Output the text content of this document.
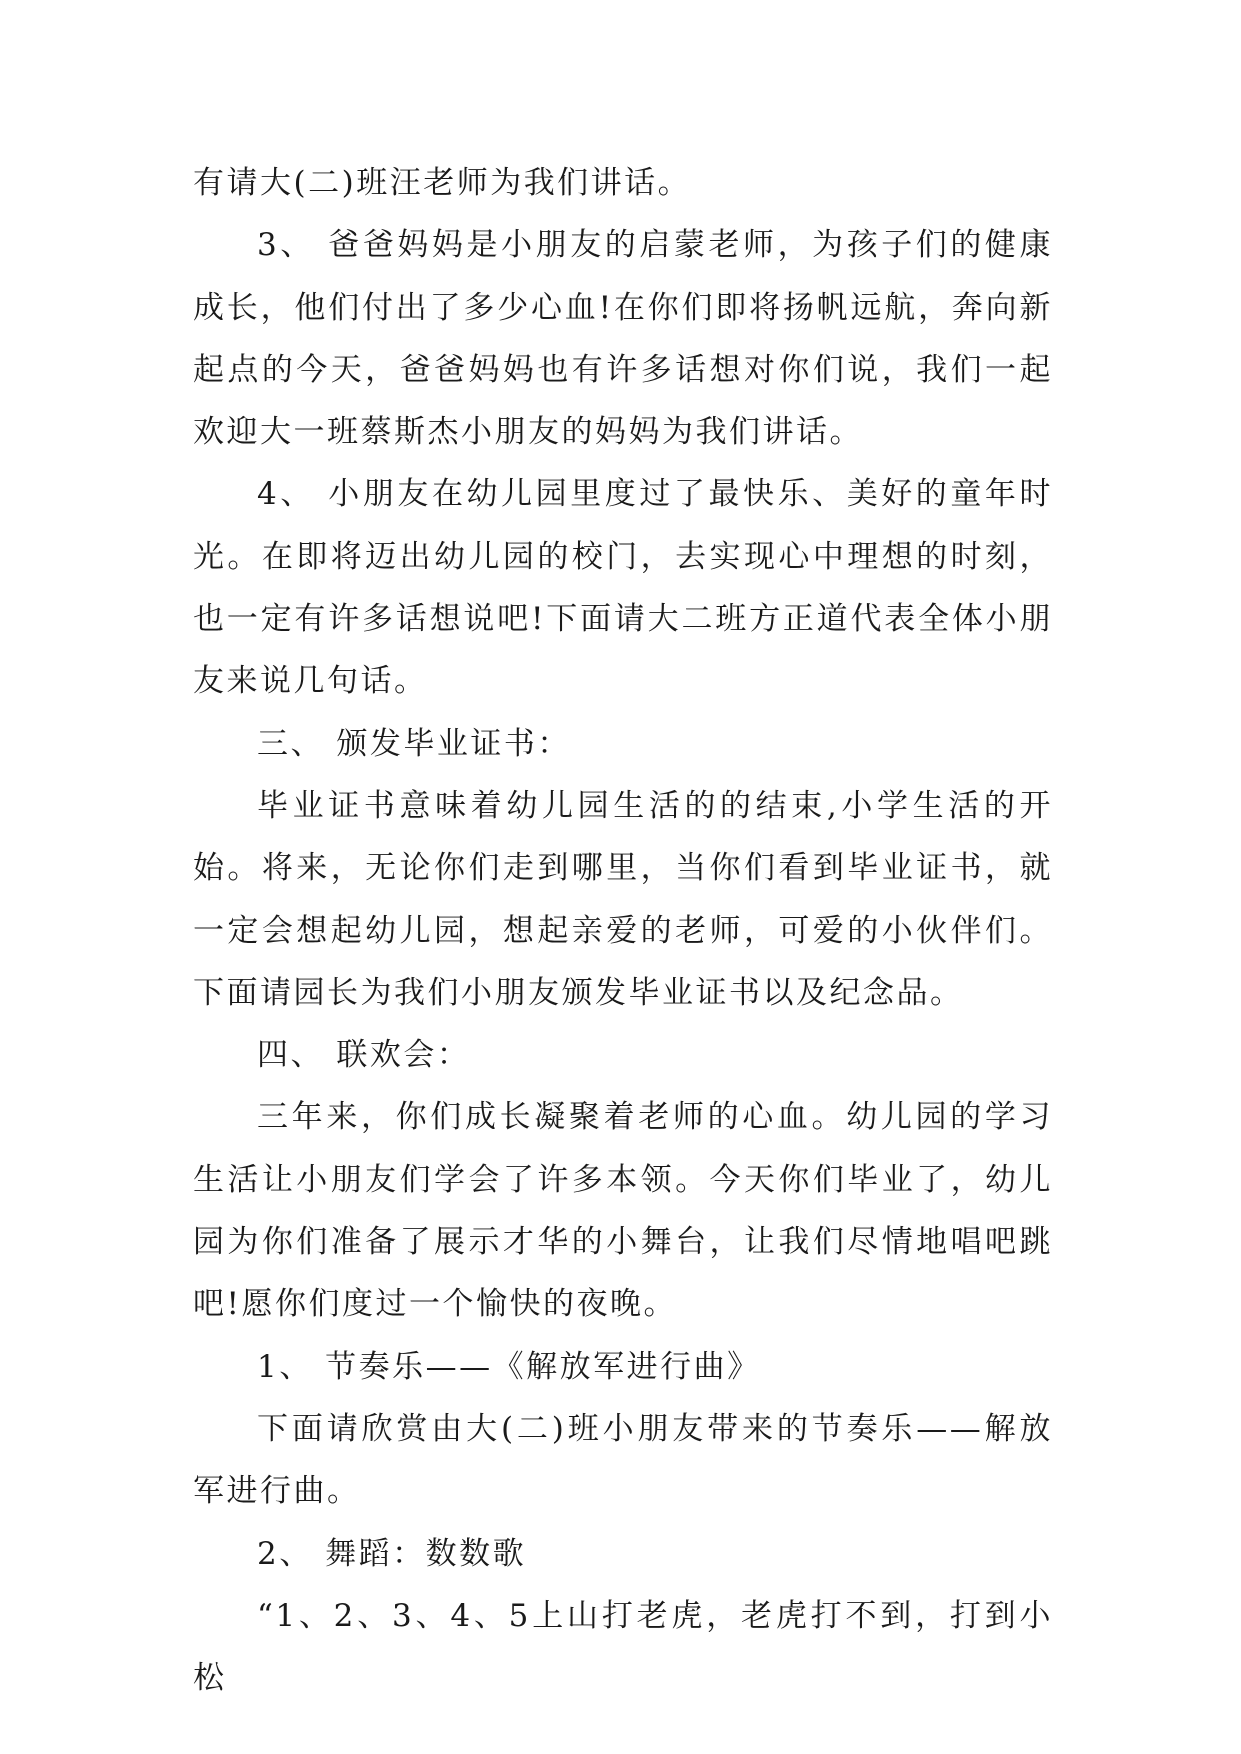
有请大(二)班汪老师为我们讲话。

3、 爸爸妈妈是小朋友的启蒙老师，为孩子们的健康成长，他们付出了多少心血!在你们即将扬帆远航，奔向新起点的今天，爸爸妈妈也有许多话想对你们说，我们一起欢迎大一班蔡斯杰小朋友的妈妈为我们讲话。

4、 小朋友在幼儿园里度过了最快乐、美好的童年时光。在即将迈出幼儿园的校门，去实现心中理想的时刻，也一定有许多话想说吧!下面请大二班方正道代表全体小朋友来说几句话。

三、 颁发毕业证书：

毕业证书意味着幼儿园生活的的结束,小学生活的开始。将来，无论你们走到哪里，当你们看到毕业证书，就一定会想起幼儿园，想起亲爱的老师，可爱的小伙伴们。下面请园长为我们小朋友颁发毕业证书以及纪念品。

四、 联欢会：

三年来，你们成长凝聚着老师的心血。幼儿园的学习生活让小朋友们学会了许多本领。今天你们毕业了，幼儿园为你们准备了展示才华的小舞台，让我们尽情地唱吧跳吧!愿你们度过一个愉快的夜晚。

1、 节奏乐——《解放军进行曲》

下面请欣赏由大(二)班小朋友带来的节奏乐——解放军进行曲。

2、 舞蹈：数数歌

“1、2、3、4、5上山打老虎，老虎打不到，打到小松
